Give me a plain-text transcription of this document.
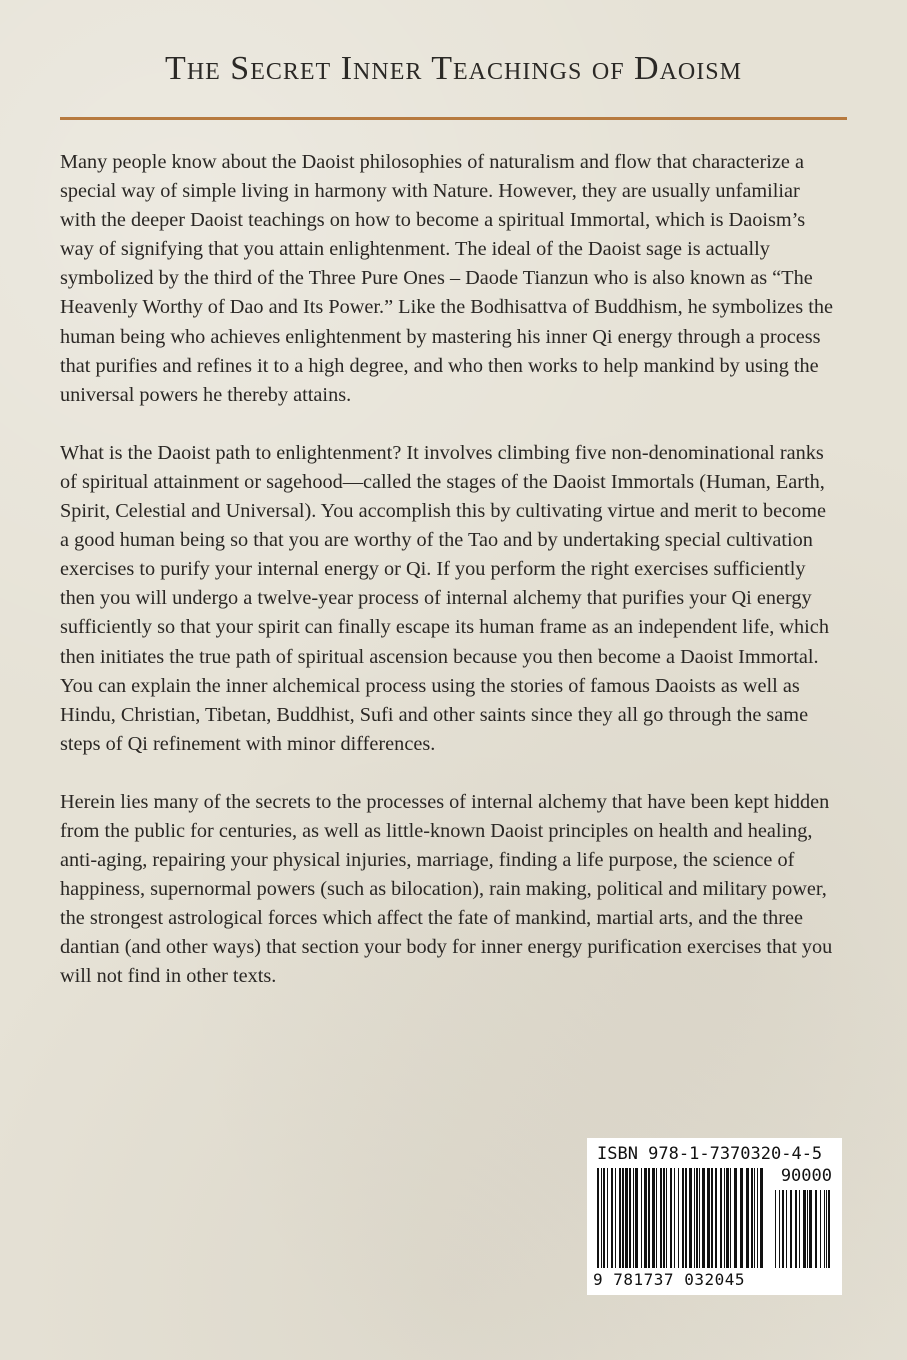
The Secret Inner Teachings of Daoism

Many people know about the Daoist philosophies of naturalism and flow that characterize a special way of simple living in harmony with Nature. However, they are usually unfamiliar with the deeper Daoist teachings on how to become a spiritual Immortal, which is Daoism’s way of signifying that you attain enlightenment. The ideal of the Daoist sage is actually symbolized by the third of the Three Pure Ones – Daode Tianzun who is also known as “The Heavenly Worthy of Dao and Its Power.” Like the Bodhisattva of Buddhism, he symbolizes the human being who achieves enlightenment by mastering his inner Qi energy through a process that purifies and refines it to a high degree, and who then works to help mankind by using the universal powers he thereby attains.

What is the Daoist path to enlightenment? It involves climbing five non-denominational ranks of spiritual attainment or sagehood—called the stages of the Daoist Immortals (Human, Earth, Spirit, Celestial and Universal). You accomplish this by cultivating virtue and merit to become a good human being so that you are worthy of the Tao and by undertaking special cultivation exercises to purify your internal energy or Qi. If you perform the right exercises sufficiently then you will undergo a twelve-year process of internal alchemy that purifies your Qi energy sufficiently so that your spirit can finally escape its human frame as an independent life, which then initiates the true path of spiritual ascension because you then become a Daoist Immortal. You can explain the inner alchemical process using the stories of famous Daoists as well as Hindu, Christian, Tibetan, Buddhist, Sufi and other saints since they all go through the same steps of Qi refinement with minor differences.

Herein lies many of the secrets to the processes of internal alchemy that have been kept hidden from the public for centuries, as well as little-known Daoist principles on health and healing, anti-aging, repairing your physical injuries, marriage, finding a life purpose, the science of happiness, supernormal powers (such as bilocation), rain making, political and military power, the strongest astrological forces which affect the fate of mankind, martial arts, and the three dantian (and other ways) that section your body for inner energy purification exercises that you will not find in other texts.

ISBN 978-1-7370320-4-5
90000
9 781737 032045
